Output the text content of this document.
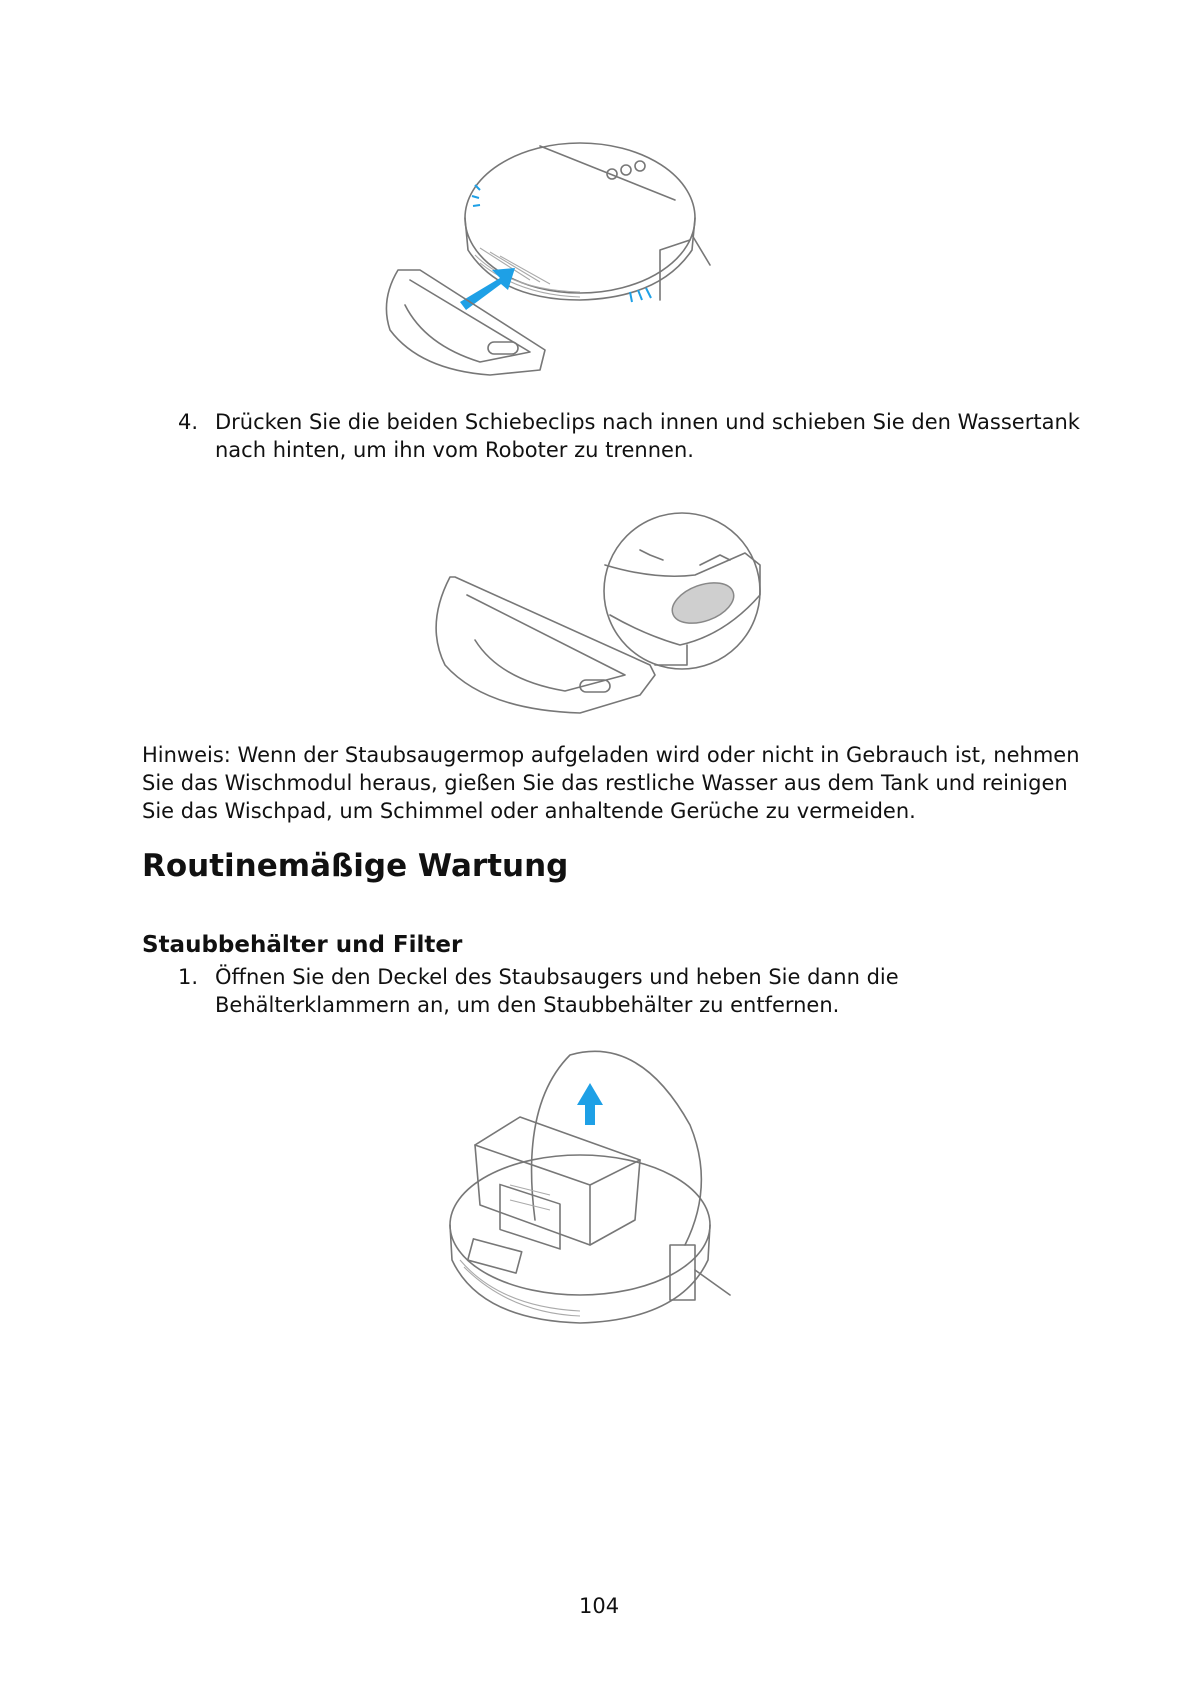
4. Drücken Sie die beiden Schiebeclips nach innen und schieben Sie den Wassertank
nach hinten, um ihn vom Roboter zu trennen.
Hinweis: Wenn der Staubsaugermop aufgeladen wird oder nicht in Gebrauch ist, nehmen
Sie das Wischmodul heraus, gießen Sie das restliche Wasser aus dem Tank und reinigen
Sie das Wischpad, um Schimmel oder anhaltende Gerüche zu vermeiden.
Routinemäßige Wartung
Staubbehälter und Filter
1. Öffnen Sie den Deckel des Staubsaugers und heben Sie dann die
Behälterklammern an, um den Staubbehälter zu entfernen.
104
